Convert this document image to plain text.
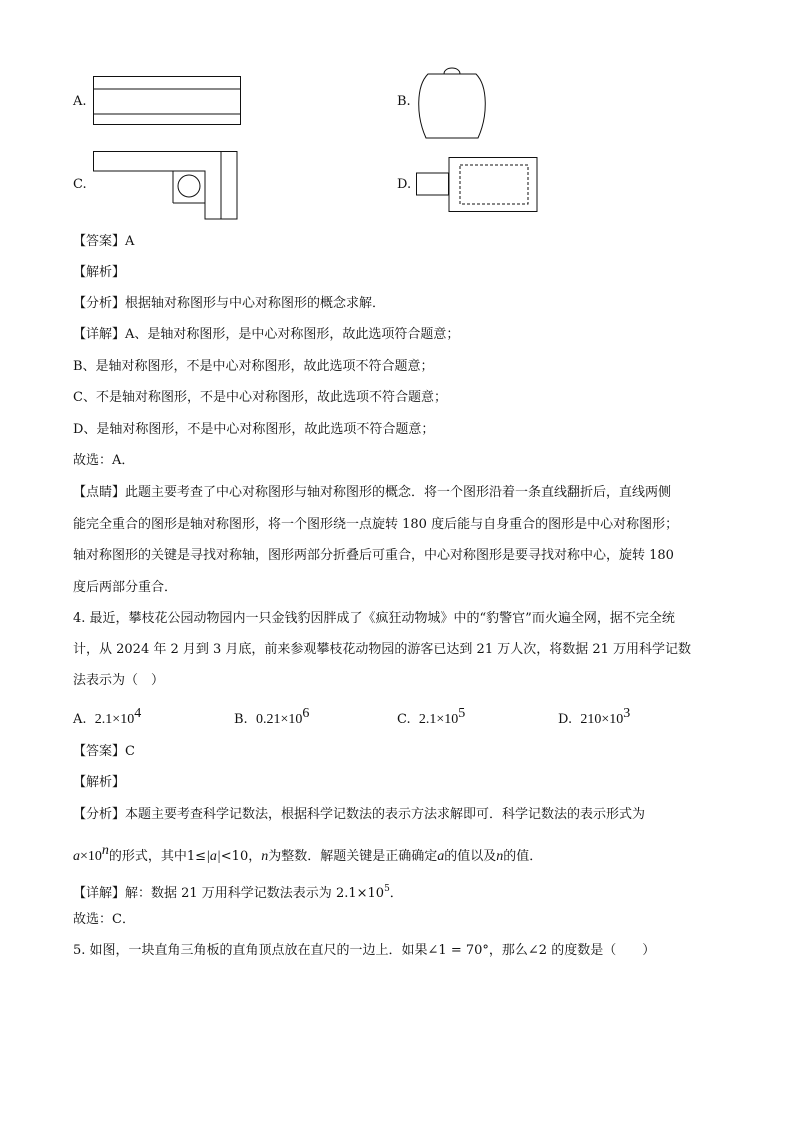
A.	B.
C.	D.
【答案】A
【解析】
【分析】根据轴对称图形与中心对称图形的概念求解．
【详解】A、是轴对称图形，是中心对称图形，故此选项符合题意；
B、是轴对称图形，不是中心对称图形，故此选项不符合题意；
C、不是轴对称图形，不是中心对称图形，故此选项不符合题意；
D、是轴对称图形，不是中心对称图形，故此选项不符合题意；
故选：A．
【点睛】此题主要考查了中心对称图形与轴对称图形的概念．将一个图形沿着一条直线翻折后，直线两侧
能完全重合的图形是轴对称图形，将一个图形绕一点旋转 180 度后能与自身重合的图形是中心对称图形；
轴对称图形的关键是寻找对称轴，图形两部分折叠后可重合，中心对称图形是要寻找对称中心，旋转 180
度后两部分重合．
4. 最近，攀枝花公园动物园内一只金钱豹因胖成了《疯狂动物城》中的“豹警官”而火遍全网，据不完全统
计，从 2024 年 2 月到 3 月底，前来参观攀枝花动物园的游客已达到 21 万人次，将数据 21 万用科学记数
法表示为（　）
A. $2.1\times 10^4$	B. $0.21\times 10^6$	C. $2.1\times 10^5$	D. $210\times 10^3$
【答案】C
【解析】
【分析】本题主要考查科学记数法，根据科学记数法的表示方法求解即可．科学记数法的表示形式为
$a\times 10^n$的形式，其中1≤|a|<10，n为整数．解题关键是正确确定a的值以及n的值．
【详解】解：数据 21 万用科学记数法表示为 $2.1\times 10^5$．
故选：C．
5. 如图，一块直角三角板的直角顶点放在直尺的一边上．如果∠1 = 70°，那么∠2 的度数是（　　）
